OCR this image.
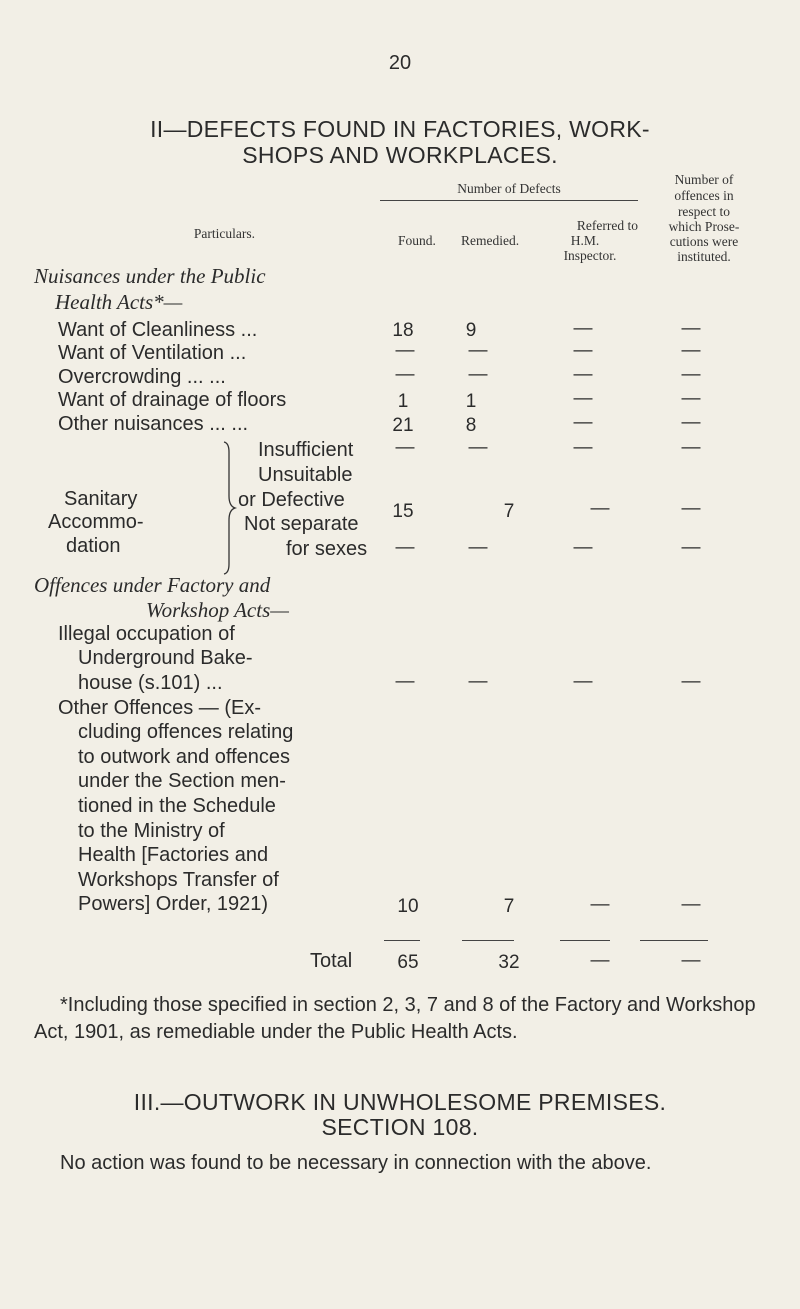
20
II—DEFECTS FOUND IN FACTORIES, WORK-
SHOPS AND WORKPLACES.
Particulars.
Number of Defects
Found. Remedied.
Referred to
H.M.
Inspector.
Number of
offences in
respect to
which Prose-
cutions were
instituted.
Nuisances under the Public
Health Acts*—
Want of Cleanliness ...	18	9	—	—
Want of Ventilation ...	—	—	—	—
Overcrowding ... ...	—	—	—	—
Want of drainage of floors	1	1	—	—
Other nuisances ... ...	21	8	—	—
Sanitary
Accommo-
dation
Insufficient	—	—	—	—
Unsuitable
or Defective
15	7	—	—
Not separate
for sexes	—	—	—	—
Offences under Factory and
Workshop Acts—
Illegal occupation of
Underground Bake-
house (s.101) ...	—	—	—	—
Other Offences — (Ex-
cluding offences relating
to outwork and offences
under the Section men-
tioned in the Schedule
to the Ministry of
Health [Factories and
Workshops Transfer of
Powers] Order, 1921)	10	7	—	—
Total	65	32	—	—
*Including those specified in section 2, 3, 7 and 8 of the Factory and Workshop Act, 1901, as remediable under the Public Health Acts.
III.—OUTWORK IN UNWHOLESOME PREMISES.
SECTION 108.
No action was found to be necessary in connection with the above.
